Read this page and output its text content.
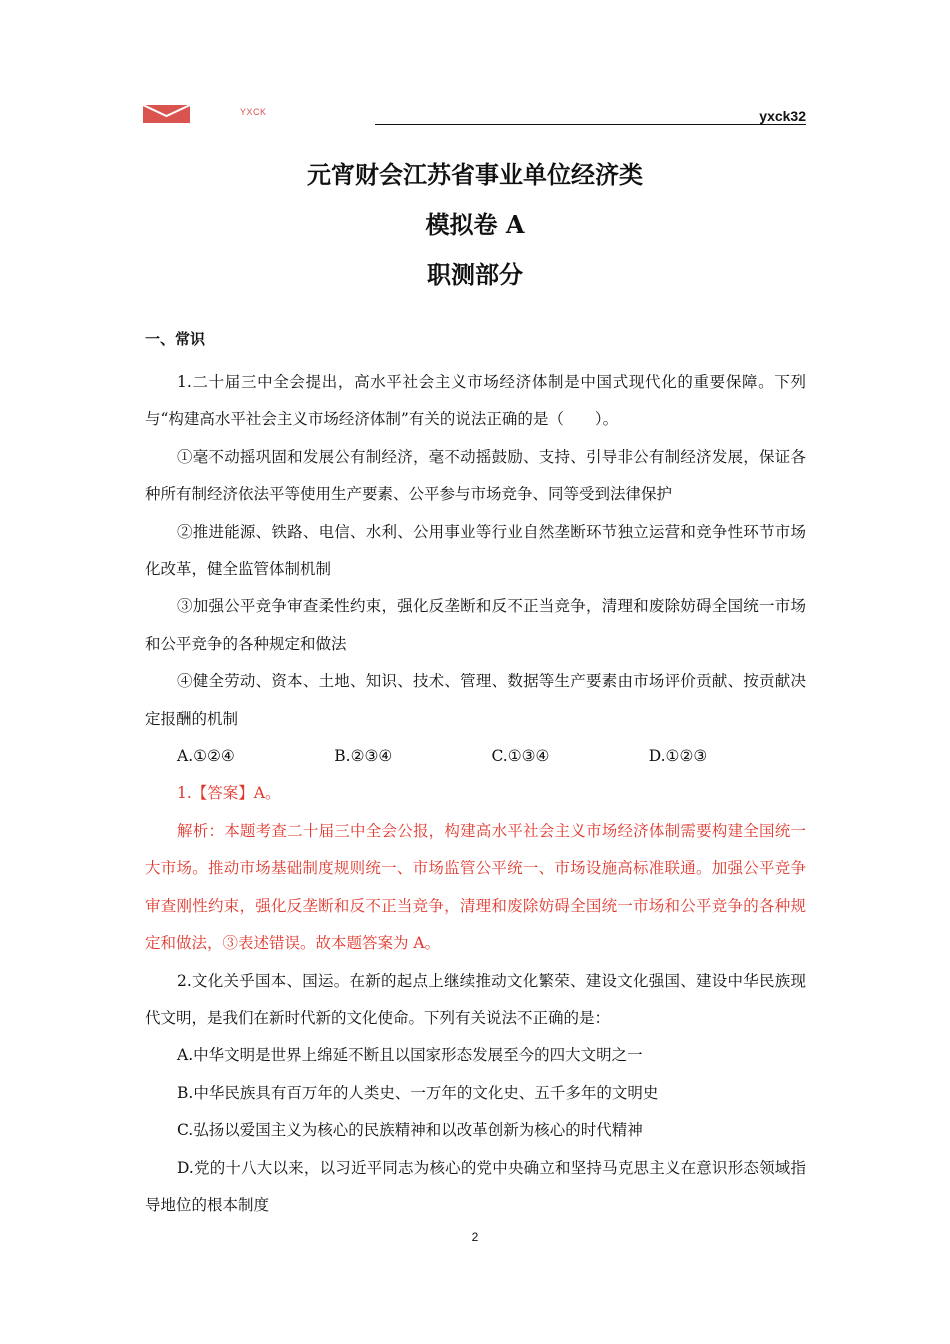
YXCK	yxck32
元宵财会江苏省事业单位经济类
模拟卷 A
职测部分
一、常识

1.二十届三中全会提出，高水平社会主义市场经济体制是中国式现代化的重要保障。下列与“构建高水平社会主义市场经济体制”有关的说法正确的是（　　）。

①毫不动摇巩固和发展公有制经济，毫不动摇鼓励、支持、引导非公有制经济发展，保证各种所有制经济依法平等使用生产要素、公平参与市场竞争、同等受到法律保护

②推进能源、铁路、电信、水利、公用事业等行业自然垄断环节独立运营和竞争性环节市场化改革，健全监管体制机制

③加强公平竞争审查柔性约束，强化反垄断和反不正当竞争，清理和废除妨碍全国统一市场和公平竞争的各种规定和做法

④健全劳动、资本、土地、知识、技术、管理、数据等生产要素由市场评价贡献、按贡献决定报酬的机制

A.①②④	B.②③④	C.①③④	D.①②③

1.【答案】A。

解析：本题考查二十届三中全会公报，构建高水平社会主义市场经济体制需要构建全国统一大市场。推动市场基础制度规则统一、市场监管公平统一、市场设施高标准联通。加强公平竞争审查刚性约束，强化反垄断和反不正当竞争，清理和废除妨碍全国统一市场和公平竞争的各种规定和做法，③表述错误。故本题答案为 A。

2.文化关乎国本、国运。在新的起点上继续推动文化繁荣、建设文化强国、建设中华民族现代文明，是我们在新时代新的文化使命。下列有关说法不正确的是：

A.中华文明是世界上绵延不断且以国家形态发展至今的四大文明之一

B.中华民族具有百万年的人类史、一万年的文化史、五千多年的文明史

C.弘扬以爱国主义为核心的民族精神和以改革创新为核心的时代精神

D.党的十八大以来，以习近平同志为核心的党中央确立和坚持马克思主义在意识形态领域指导地位的根本制度

2
